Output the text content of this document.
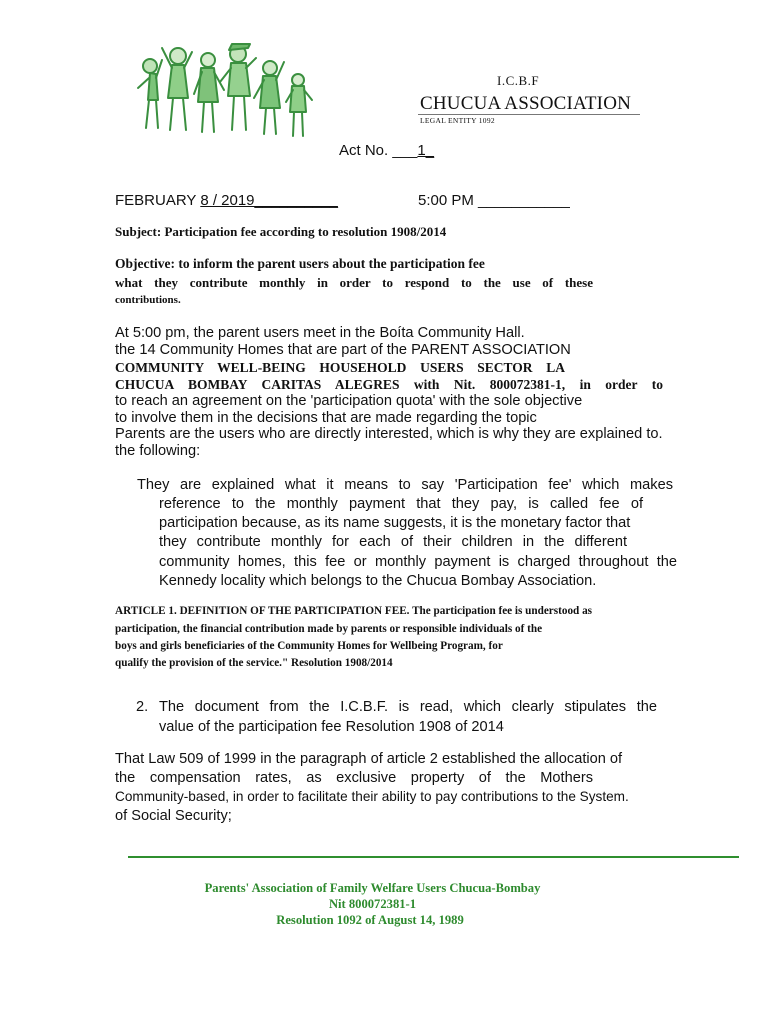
I.C.B.F
CHUCUA ASSOCIATION
LEGAL ENTITY 1092
Act No. ___1_
FEBRUARY 8 / 2019__________	5:00 PM ___________
Subject: Participation fee according to resolution 1908/2014
Objective: to inform the parent users about the participation fee
what they contribute monthly in order to respond to the use of these
contributions.
At 5:00 pm, the parent users meet in the Boíta Community Hall.
the 14 Community Homes that are part of the PARENT ASSOCIATION
COMMUNITY WELL-BEING HOUSEHOLD USERS SECTOR LA
CHUCUA BOMBAY CARITAS ALEGRES with Nit. 800072381-1, in order to
to reach an agreement on the 'participation quota' with the sole objective
to involve them in the decisions that are made regarding the topic
Parents are the users who are directly interested, which is why they are explained to.
the following:
They are explained what it means to say 'Participation fee' which makes
reference to the monthly payment that they pay, is called fee of
participation because, as its name suggests, it is the monetary factor that
they contribute monthly for each of their children in the different
community homes, this fee or monthly payment is charged throughout the
Kennedy locality which belongs to the Chucua Bombay Association.
ARTICLE 1. DEFINITION OF THE PARTICIPATION FEE. The participation fee is understood as
participation, the financial contribution made by parents or responsible individuals of the
boys and girls beneficiaries of the Community Homes for Wellbeing Program, for
qualify the provision of the service." Resolution 1908/2014
2. The document from the I.C.B.F. is read, which clearly stipulates the
value of the participation fee Resolution 1908 of 2014
That Law 509 of 1999 in the paragraph of article 2 established the allocation of
the compensation rates, as exclusive property of the Mothers
Community-based, in order to facilitate their ability to pay contributions to the System.
of Social Security;
Parents' Association of Family Welfare Users Chucua-Bombay
Nit 800072381-1
Resolution 1092 of August 14, 1989
